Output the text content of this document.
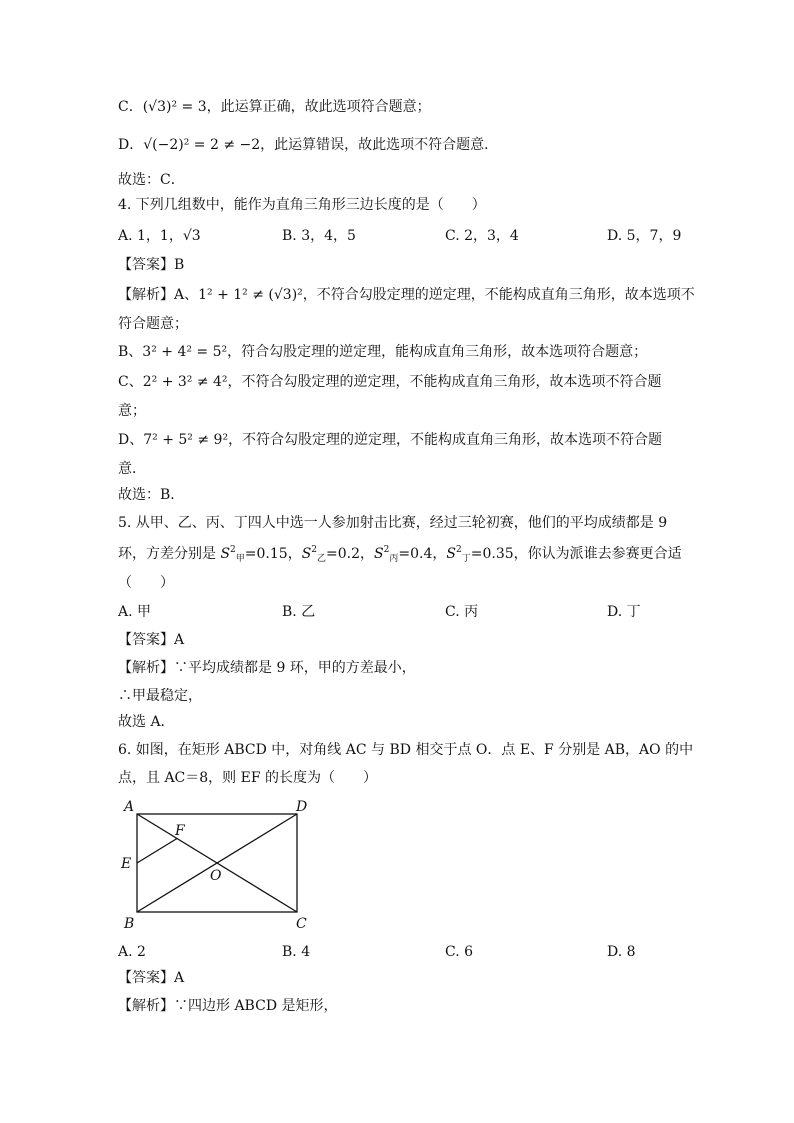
C．(√3)² = 3，此运算正确，故此选项符合题意；
D．√(−2)² = 2 ≠ −2，此运算错误，故此选项不符合题意．
故选：C．
4. 下列几组数中，能作为直角三角形三边长度的是（　　）
A. 1，1，√3	B. 3，4，5	C. 2，3，4	D. 5，7，9
【答案】B
【解析】A、1² + 1² ≠ (√3)²，不符合勾股定理的逆定理，不能构成直角三角形，故本选项不
符合题意；
B、3² + 4² = 5²，符合勾股定理的逆定理，能构成直角三角形，故本选项符合题意；
C、2² + 3² ≠ 4²，不符合勾股定理的逆定理，不能构成直角三角形，故本选项不符合题
意；
D、7² + 5² ≠ 9²，不符合勾股定理的逆定理，不能构成直角三角形，故本选项不符合题
意．
故选：B．
5. 从甲、乙、丙、丁四人中选一人参加射击比赛，经过三轮初赛，他们的平均成绩都是 9
环，方差分别是 $S^2_甲=0.15$，$S^2_乙=0.2$，$S^2_丙=0.4$，$S^2_丁=0.35$，你认为派谁去参赛更合适
（　　）
A. 甲	B. 乙	C. 丙	D. 丁
【答案】A
【解析】∵平均成绩都是 9 环，甲的方差最小，
∴甲最稳定，
故选 A．
6. 如图，在矩形 ABCD 中，对角线 AC 与 BD 相交于点 O．点 E、F 分别是 AB，AO 的中
点，且 AC＝8，则 EF 的长度为（　　）
A	D
B	C
E
F
O
A. 2	B. 4	C. 6	D. 8
【答案】A
【解析】∵四边形 ABCD 是矩形，
